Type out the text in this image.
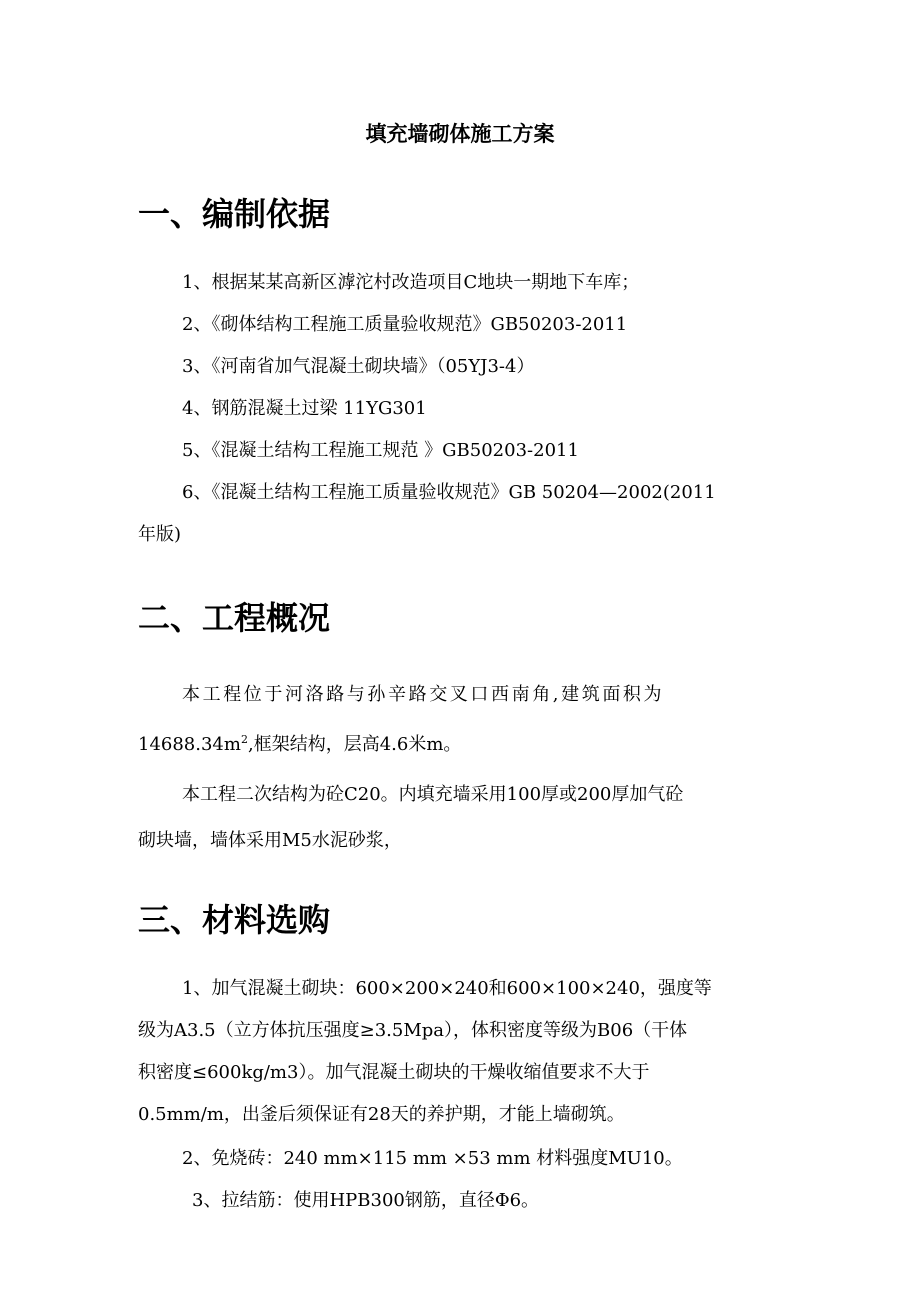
填充墙砌体施工方案
一、编制依据
1、根据某某高新区滹沱村改造项目C地块一期地下车库；
2、《砌体结构工程施工质量验收规范》GB50203-2011
3、《河南省加气混凝土砌块墙》（05YJ3-4）
4、钢筋混凝土过梁 11YG301
5、《混凝土结构工程施工规范 》GB50203-2011
6、《混凝土结构工程施工质量验收规范》GB 50204—2002(2011
年版)
二、工程概况
本工程位于河洛路与孙辛路交叉口西南角,建筑面积为
$14688.34m^2$,框架结构，层高4.6米m。
本工程二次结构为砼C20。内填充墙采用100厚或200厚加气砼
砌块墙，墙体采用M5水泥砂浆，
三、材料选购
1、加气混凝土砌块：600×200×240和600×100×240，强度等
级为A3.5（立方体抗压强度≥3.5Mpa），体积密度等级为B06（干体
积密度≤600kg/m3）。加气混凝土砌块的干燥收缩值要求不大于
0.5mm/m，出釜后须保证有28天的养护期，才能上墙砌筑。
2、免烧砖：240 mm×115 mm ×53 mm 材料强度MU10。
3、拉结筋：使用HPB300钢筋，直径Φ6。
